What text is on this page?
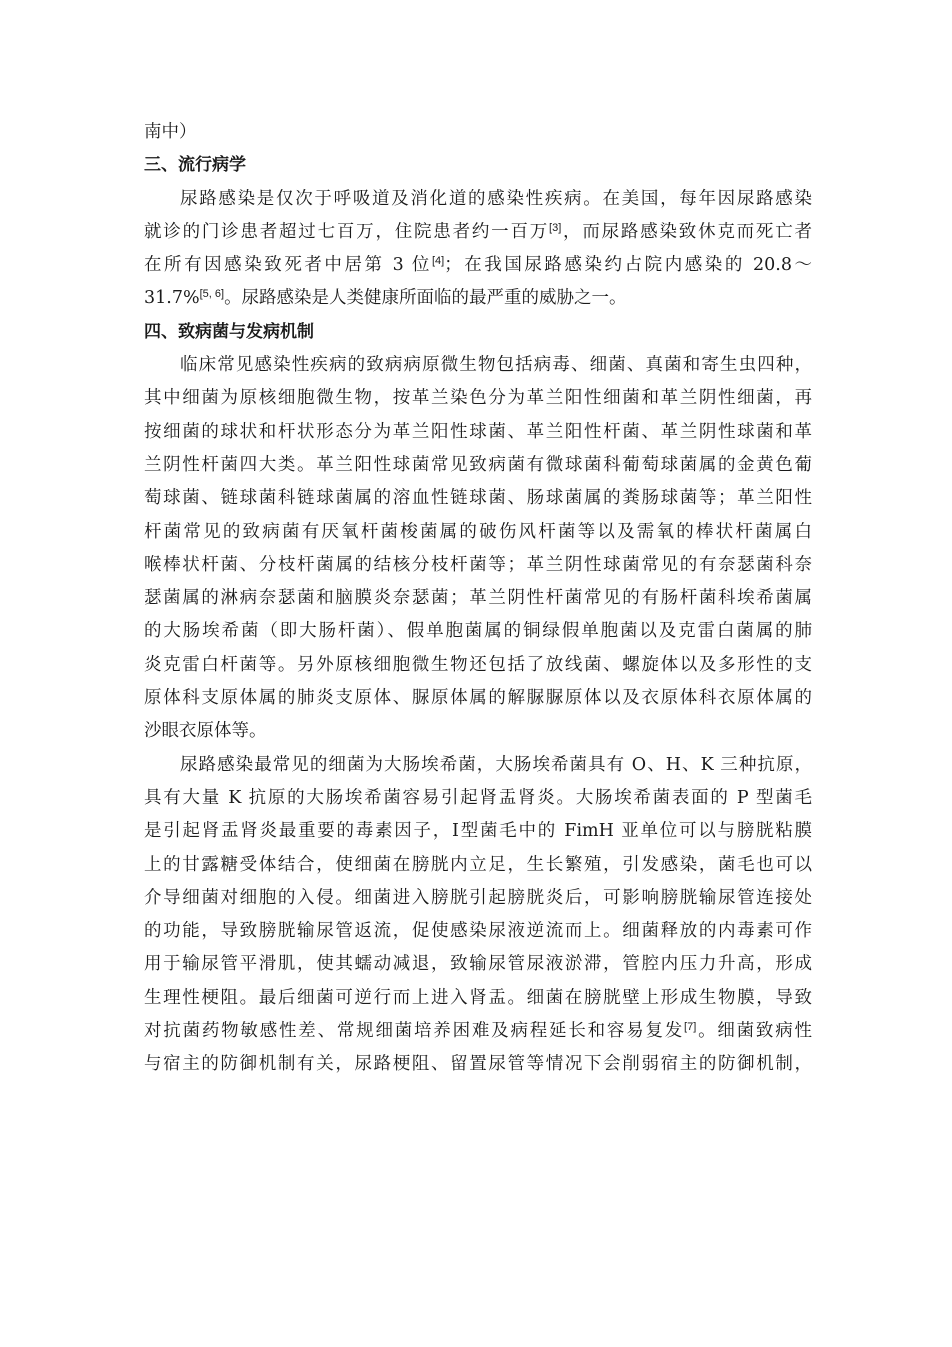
南中）
三、流行病学
尿路感染是仅次于呼吸道及消化道的感染性疾病。在美国，每年因尿路感染
就诊的门诊患者超过七百万，住院患者约一百万[3]，而尿路感染致休克而死亡者
在所有因感染致死者中居第 3 位[4]；在我国尿路感染约占院内感染的 20.8～
31.7%[5, 6]。尿路感染是人类健康所面临的最严重的威胁之一。
四、致病菌与发病机制
临床常见感染性疾病的致病病原微生物包括病毒、细菌、真菌和寄生虫四种，
其中细菌为原核细胞微生物，按革兰染色分为革兰阳性细菌和革兰阴性细菌，再
按细菌的球状和杆状形态分为革兰阳性球菌、革兰阳性杆菌、革兰阴性球菌和革
兰阴性杆菌四大类。革兰阳性球菌常见致病菌有微球菌科葡萄球菌属的金黄色葡
萄球菌、链球菌科链球菌属的溶血性链球菌、肠球菌属的粪肠球菌等；革兰阳性
杆菌常见的致病菌有厌氧杆菌梭菌属的破伤风杆菌等以及需氧的棒状杆菌属白
喉棒状杆菌、分枝杆菌属的结核分枝杆菌等；革兰阴性球菌常见的有奈瑟菌科奈
瑟菌属的淋病奈瑟菌和脑膜炎奈瑟菌；革兰阴性杆菌常见的有肠杆菌科埃希菌属
的大肠埃希菌（即大肠杆菌）、假单胞菌属的铜绿假单胞菌以及克雷白菌属的肺
炎克雷白杆菌等。另外原核细胞微生物还包括了放线菌、螺旋体以及多形性的支
原体科支原体属的肺炎支原体、脲原体属的解脲脲原体以及衣原体科衣原体属的
沙眼衣原体等。
尿路感染最常见的细菌为大肠埃希菌，大肠埃希菌具有 O、H、K 三种抗原，
具有大量 K 抗原的大肠埃希菌容易引起肾盂肾炎。大肠埃希菌表面的 P 型菌毛
是引起肾盂肾炎最重要的毒素因子，Ⅰ型菌毛中的 FimH 亚单位可以与膀胱粘膜
上的甘露糖受体结合，使细菌在膀胱内立足，生长繁殖，引发感染，菌毛也可以
介导细菌对细胞的入侵。细菌进入膀胱引起膀胱炎后，可影响膀胱输尿管连接处
的功能，导致膀胱输尿管返流，促使感染尿液逆流而上。细菌释放的内毒素可作
用于输尿管平滑肌，使其蠕动减退，致输尿管尿液淤滞，管腔内压力升高，形成
生理性梗阻。最后细菌可逆行而上进入肾盂。细菌在膀胱壁上形成生物膜，导致
对抗菌药物敏感性差、常规细菌培养困难及病程延长和容易复发[7]。细菌致病性
与宿主的防御机制有关，尿路梗阻、留置尿管等情况下会削弱宿主的防御机制，
